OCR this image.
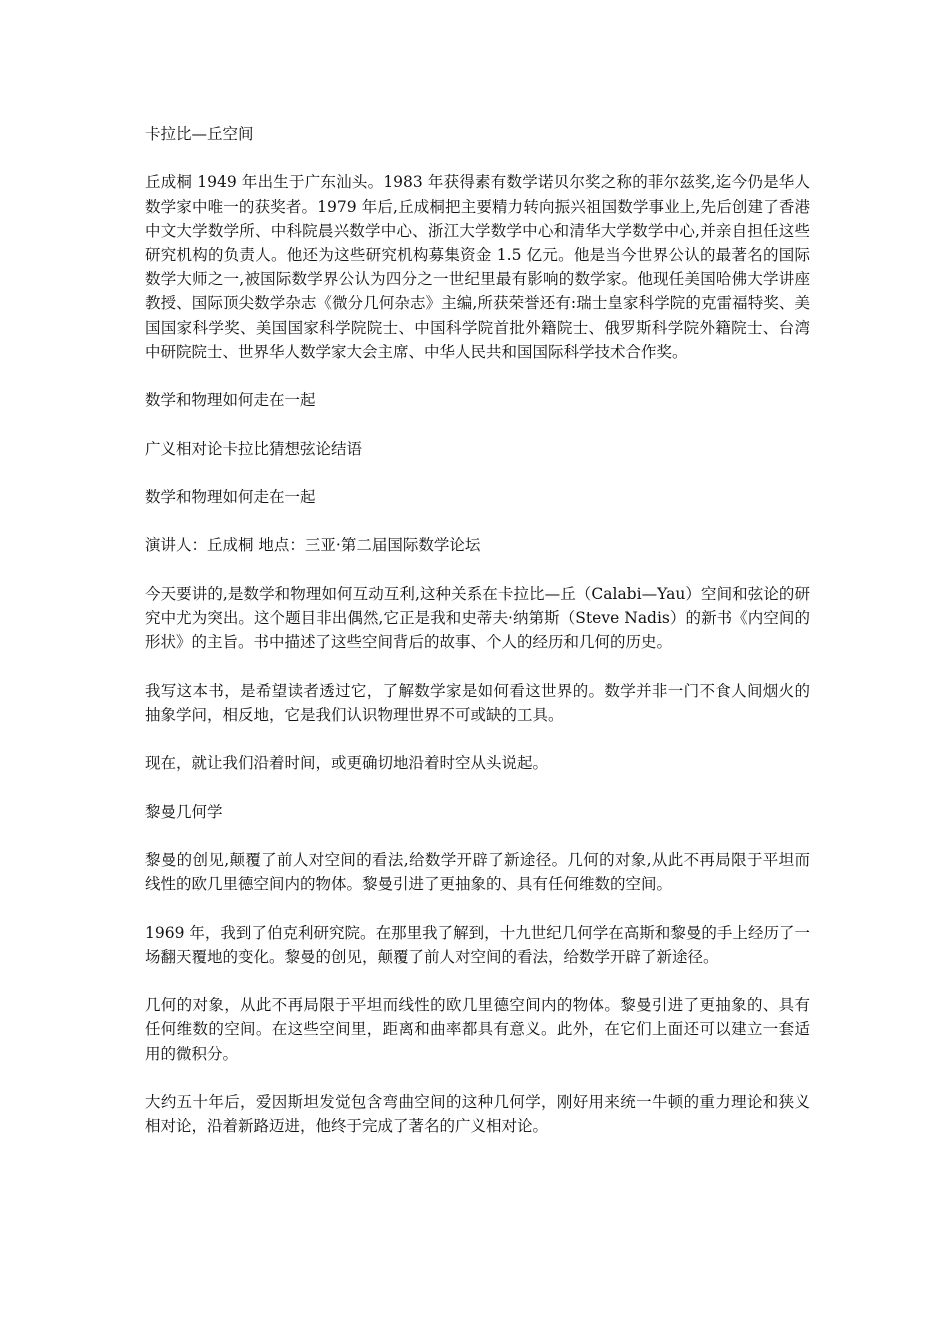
卡拉比—丘空间

丘成桐 1949 年出生于广东汕头。1983 年获得素有数学诺贝尔奖之称的菲尔兹奖,迄今仍是华人数学家中唯一的获奖者。1979 年后,丘成桐把主要精力转向振兴祖国数学事业上,先后创建了香港中文大学数学所、中科院晨兴数学中心、浙江大学数学中心和清华大学数学中心,并亲自担任这些研究机构的负责人。他还为这些研究机构募集资金 1.5 亿元。他是当今世界公认的最著名的国际数学大师之一,被国际数学界公认为四分之一世纪里最有影响的数学家。他现任美国哈佛大学讲座教授、国际顶尖数学杂志《微分几何杂志》主编,所获荣誉还有:瑞士皇家科学院的克雷福特奖、美国国家科学奖、美国国家科学院院士、中国科学院首批外籍院士、俄罗斯科学院外籍院士、台湾中研院院士、世界华人数学家大会主席、中华人民共和国国际科学技术合作奖。

数学和物理如何走在一起

广义相对论卡拉比猜想弦论结语

数学和物理如何走在一起

演讲人：丘成桐 地点：三亚·第二届国际数学论坛

今天要讲的,是数学和物理如何互动互利,这种关系在卡拉比—丘（Calabi—Yau）空间和弦论的研究中尤为突出。这个题目非出偶然,它正是我和史蒂夫·纳第斯（Steve Nadis）的新书《内空间的形状》的主旨。书中描述了这些空间背后的故事、个人的经历和几何的历史。

我写这本书，是希望读者透过它，了解数学家是如何看这世界的。数学并非一门不食人间烟火的抽象学问，相反地，它是我们认识物理世界不可或缺的工具。

现在，就让我们沿着时间，或更确切地沿着时空从头说起。

黎曼几何学

黎曼的创见,颠覆了前人对空间的看法,给数学开辟了新途径。几何的对象,从此不再局限于平坦而线性的欧几里德空间内的物体。黎曼引进了更抽象的、具有任何维数的空间。

1969 年，我到了伯克利研究院。在那里我了解到，十九世纪几何学在高斯和黎曼的手上经历了一场翻天覆地的变化。黎曼的创见，颠覆了前人对空间的看法，给数学开辟了新途径。

几何的对象，从此不再局限于平坦而线性的欧几里德空间内的物体。黎曼引进了更抽象的、具有任何维数的空间。在这些空间里，距离和曲率都具有意义。此外，在它们上面还可以建立一套适用的微积分。

大约五十年后，爱因斯坦发觉包含弯曲空间的这种几何学，刚好用来统一牛顿的重力理论和狭义相对论，沿着新路迈进，他终于完成了著名的广义相对论。
